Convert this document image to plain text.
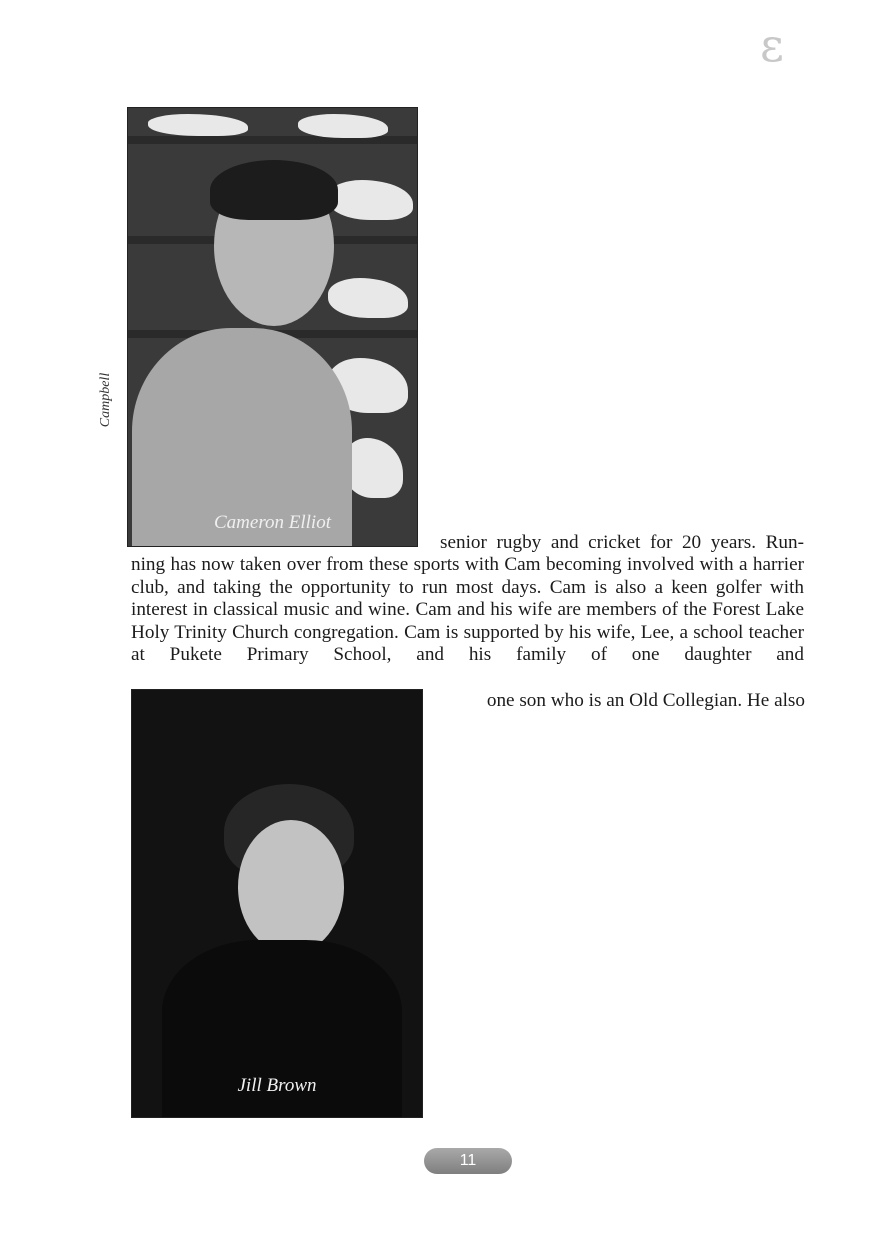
ε
Campbell
Cameron Elliot
senior rugby and cricket for 20 years. Run-
ning has now taken over from these sports with Cam becoming involved with a harrier club, and taking the opportunity to run most days. Cam is also a keen golfer with interest in classical music and wine. Cam and his wife are members of the Forest Lake Holy Trinity Church congregation. Cam is supported by his wife, Lee, a school teacher at Pukete Primary School, and his family of one daughter and
one son who is an Old Collegian. He also
Jill Brown
11
